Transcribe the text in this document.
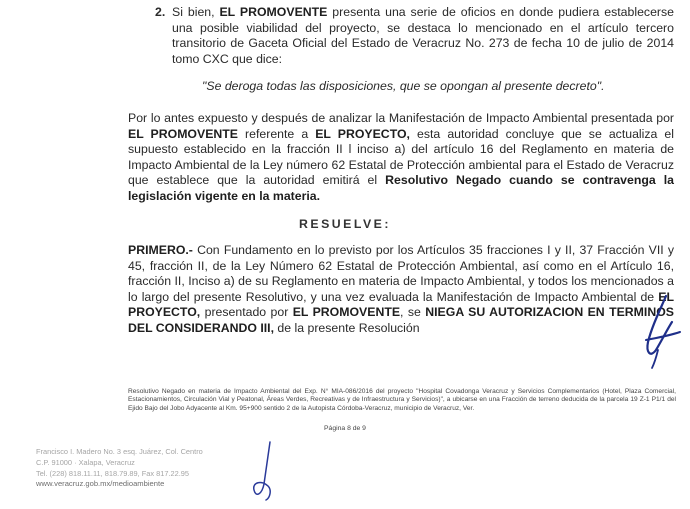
2. Si bien, EL PROMOVENTE presenta una serie de oficios en donde pudiera establecerse una posible viabilidad del proyecto, se destaca lo mencionado en el artículo tercero transitorio de Gaceta Oficial del Estado de Veracruz No. 273 de fecha 10 de julio de 2014 tomo CXC que dice:

"Se deroga todas las disposiciones, que se opongan al presente decreto".

Por lo antes expuesto y después de analizar la Manifestación de Impacto Ambiental presentada por EL PROMOVENTE referente a EL PROYECTO, esta autoridad concluye que se actualiza el supuesto establecido en la fracción II l inciso a) del artículo 16 del Reglamento en materia de Impacto Ambiental de la Ley número 62 Estatal de Protección ambiental para el Estado de Veracruz que establece que la autoridad emitirá el Resolutivo Negado cuando se contravenga la legislación vigente en la materia.

RESUELVE:

PRIMERO.- Con Fundamento en lo previsto por los Artículos 35 fracciones I y II, 37 Fracción VII y 45, fracción II, de la Ley Número 62 Estatal de Protección Ambiental, así como en el Artículo 16, fracción II, Inciso a) de su Reglamento en materia de Impacto Ambiental, y todos los mencionados a lo largo del presente Resolutivo, y una vez evaluada la Manifestación de Impacto Ambiental de EL PROYECTO, presentado por EL PROMOVENTE, se NIEGA SU AUTORIZACION EN TERMINOS DEL CONSIDERANDO III, de la presente Resolución

Resolutivo Negado en materia de Impacto Ambiental del Exp. N° MIA-086/2016 del proyecto "Hospital Covadonga Veracruz y Servicios Complementarios (Hotel, Plaza Comercial, Estacionamientos, Circulación Vial y Peatonal, Áreas Verdes, Recreativas y de Infraestructura y Servicios)", a ubicarse en una Fracción de terreno deducida de la parcela 19 Z-1 P1/1 del Ejido Bajo del Jobo Adyacente al Km. 95+900 sentido 2 de la Autopista Córdoba-Veracruz, municipio de Veracruz, Ver.

Página 8 de 9
Francisco I. Madero No. 3 esq. Juárez, Col. Centro
C.P. 91000 · Xalapa, Veracruz
Tel. (228) 818.11.11, 818.79.89, Fax 817.22.95
www.veracruz.gob.mx/medioambiente
